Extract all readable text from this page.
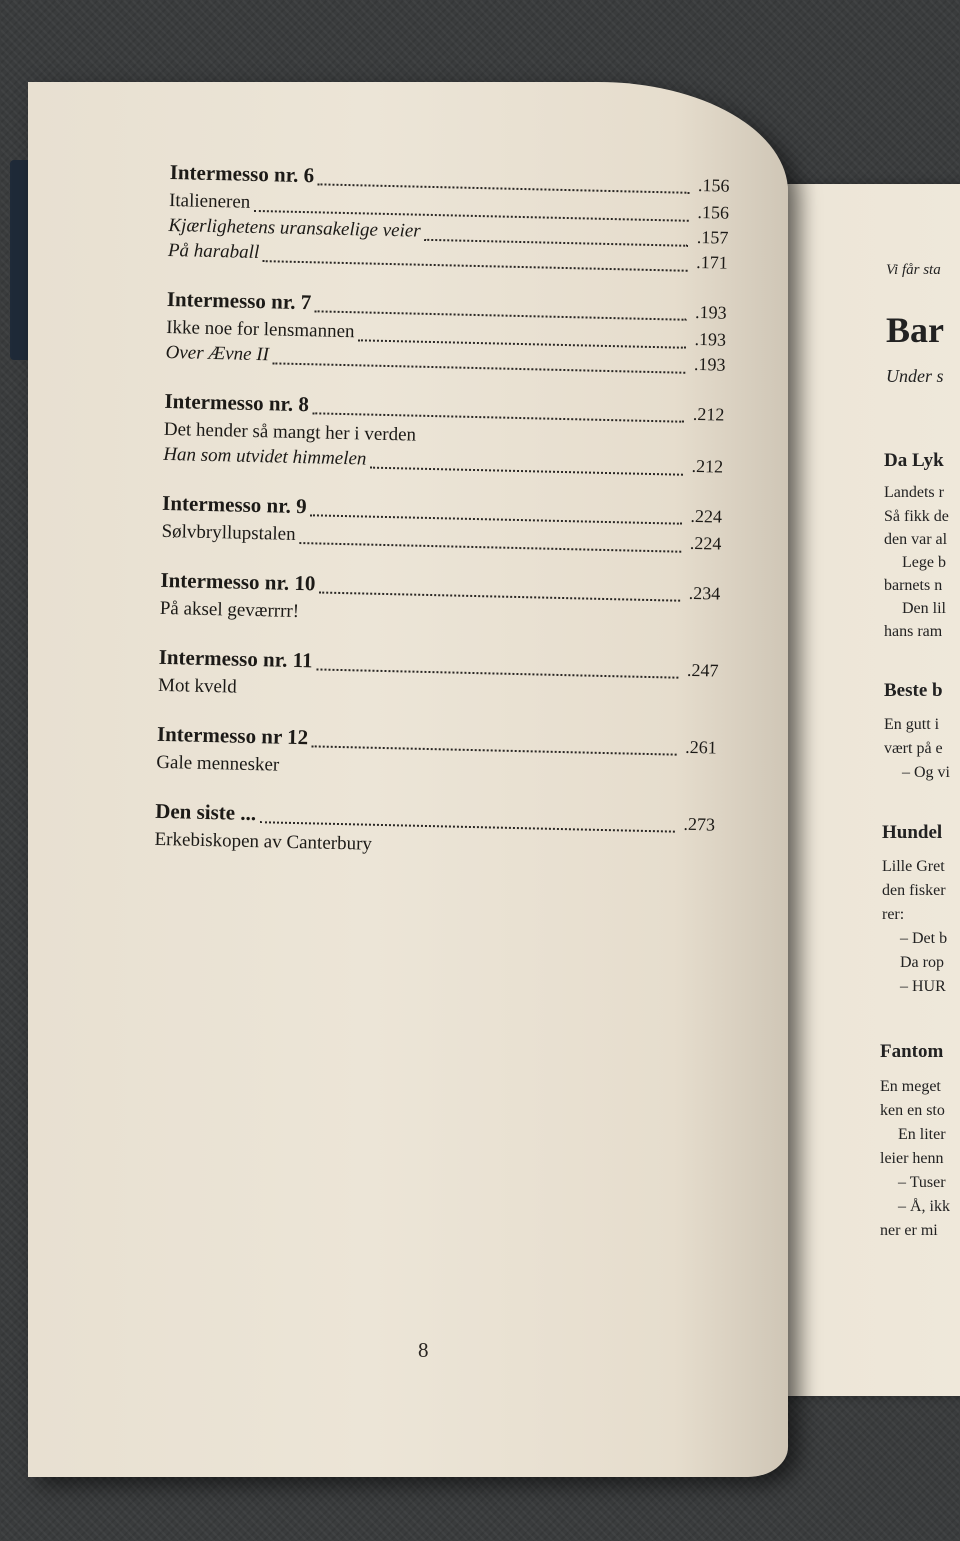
Vi får sta
Bar
Under s
Da Lyk
Landets r
Så fikk de
den var al
Lege b
barnets n
Den lil
hans ram
Beste b
En gutt i
vært på e
– Og vi
Hundel
Lille Gret
den fisker
rer:
– Det b
Da rop
– HUR
Fantom
En meget
ken en sto
En liter
leier henn
– Tuser
– Å, ikk
ner er mi
Intermesso nr. 6	.156
Italieneren	.156
Kjærlighetens uransakelige veier	.157
På haraball	.171
Intermesso nr. 7	.193
Ikke noe for lensmannen	.193
Over Ævne II	.193
Intermesso nr. 8	.212
Det hender så mangt her i verden
Han som utvidet himmelen	.212
Intermesso nr. 9	.224
Sølvbryllupstalen	.224
Intermesso nr. 10	.234
På aksel geværrrr!
Intermesso nr. 11	.247
Mot kveld
Intermesso nr 12	.261
Gale mennesker
Den siste ...	.273
Erkebiskopen av Canterbury
8
